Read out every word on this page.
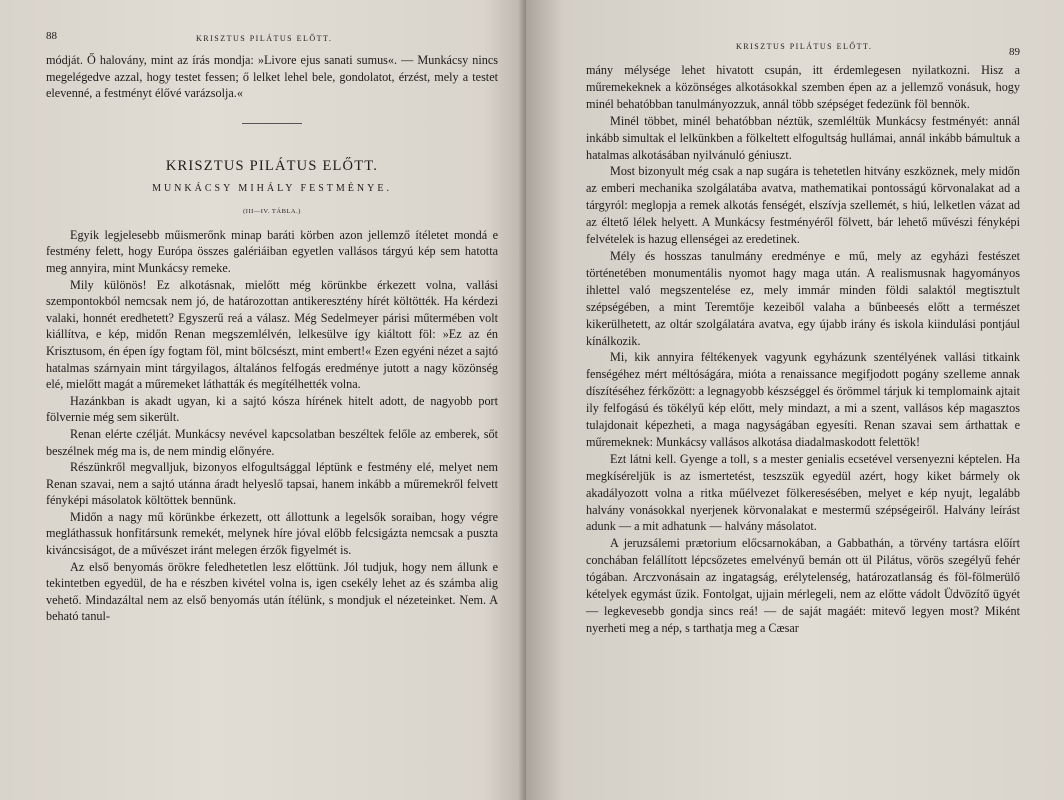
88	KRISZTUS PILÁTUS ELŐTT.

módját. Ő halovány, mint az írás mondja: »Livore ejus sanati sumus«. — Munkácsy nincs megelégedve azzal, hogy testet fessen; ő lelket lehel bele, gondolatot, érzést, mely a testet elevenné, a festményt élővé varázsolja.«

KRISZTUS PILÁTUS ELŐTT.
MUNKÁCSY MIHÁLY FESTMÉNYE.
(III—IV. TÁBLA.)

Egyik legjelesebb műismerőnk minap baráti körben azon jellemző ítéletet mondá e festmény felett, hogy Európa összes galériáiban egyetlen vallásos tárgyú kép sem hatotta meg annyira, mint Munkácsy remeke.

Mily különös! Ez alkotásnak, mielőtt még körünkbe érkezett volna, vallási szempontokból nemcsak nem jó, de határozottan antikeresztény hírét költötték. Ha kérdezi valaki, honnét eredhetett? Egyszerű reá a válasz. Még Sedelmeyer párisi műtermében volt kiállítva, e kép, midőn Renan megszemlélvén, lelkesülve így kiáltott föl: »Ez az én Krisztusom, én épen így fogtam föl, mint bölcsészt, mint embert!« Ezen egyéni nézet a sajtó hatalmas szárnyain mint tárgyilagos, általános felfogás eredménye jutott a nagy közönség elé, mielőtt magát a műremeket láthatták és megítélhették volna.

Hazánkban is akadt ugyan, ki a sajtó kósza hírének hitelt adott, de nagyobb port fölvernie még sem sikerült.

Renan elérte czélját. Munkácsy nevével kapcsolatban beszéltek felőle az emberek, sőt beszélnek még ma is, de nem mindig előnyére.

Részünkről megvalljuk, bizonyos elfogultsággal léptünk e festmény elé, melyet nem Renan szavai, nem a sajtó utánna áradt helyeslő tapsai, hanem inkább a műremekről felvett fényképi másolatok költöttek bennünk.

Midőn a nagy mű körünkbe érkezett, ott állottunk a legelsők soraiban, hogy végre megláthassuk honfitársunk remekét, melynek híre jóval előbb felcsigázta nemcsak a puszta kiváncsiságot, de a művészet iránt melegen érzők figyelmét is.

Az első benyomás örökre feledhetetlen lesz előttünk. Jól tudjuk, hogy nem állunk e tekintetben egyedül, de ha e részben kivétel volna is, igen csekély lehet az és számba alig vehető. Mindazáltal nem az első benyomás után ítélünk, s mondjuk el nézeteinket. Nem. A beható tanul-

KRISZTUS PILÁTUS ELŐTT.	89

mány mélysége lehet hivatott csupán, itt érdemlegesen nyilatkozni. Hisz a műremekeknek a közönséges alkotásokkal szemben épen az a jellemző vonásuk, hogy minél behatóbban tanulmányozzuk, annál több szépséget fedezünk föl bennök.

Minél többet, minél behatóbban néztük, szemléltük Munkácsy festményét: annál inkább simultak el lelkünkben a fölkeltett elfogultság hullámai, annál inkább bámultuk a hatalmas alkotásában nyilvánuló géniuszt.

Most bizonyult még csak a nap sugára is tehetetlen hitvány eszköznek, mely midőn az emberi mechanika szolgálatába avatva, mathematikai pontosságú körvonalakat ad a tárgyról: meglopja a remek alkotás fenségét, elszívja szellemét, s hiú, lelketlen vázat ad az éltető lélek helyett. A Munkácsy festményéről fölvett, bár lehető művészi fényképi felvételek is hazug ellenségei az eredetinek.

Mély és hosszas tanulmány eredménye e mű, mely az egyházi festészet történetében monumentális nyomot hagy maga után. A realismusnak hagyományos ihlettel való megszentelése ez, mely immár minden földi salaktól megtisztult szépségében, a mint Teremtője kezeiből valaha a bűnbeesés előtt a természet kikerülhetett, az oltár szolgálatára avatva, egy újabb irány és iskola kiindulási pontjául kínálkozik.

Mi, kik annyira féltékenyek vagyunk egyházunk szentélyének vallási titkaink fenségéhez mért méltóságára, mióta a renaissance megifjodott pogány szelleme annak díszítéséhez férkőzött: a legnagyobb készséggel és örömmel tárjuk ki templomaink ajtait ily felfogású és tökélyű kép előtt, mely mindazt, a mi a szent, vallásos kép magasztos tulajdonait képezheti, a maga nagyságában egyesíti. Renan szavai sem árthattak e műremeknek: Munkácsy vallásos alkotása diadalmaskodott felettök!

Ezt látni kell. Gyenge a toll, s a mester genialis ecsetével versenyezni képtelen. Ha megkíséreljük is az ismertetést, teszszük egyedül azért, hogy kiket bármely ok akadályozott volna a ritka műélvezet fölkeresésében, melyet e kép nyujt, legalább halvány vonásokkal nyerjenek körvonalakat e mestermű szépségeiről. Halvány leírást adunk — a mit adhatunk — halvány másolatot.

A jeruzsálemi prætorium előcsarnokában, a Gabbathán, a törvény tartásra előírt conchában felállított lépcsőzetes emelvényű bemán ott ül Pilátus, vörös szegélyű fehér tógában. Arczvonásain az ingatagság, erélytelenség, határozatlanság és föl-fölmerülő kételyek egymást űzik. Fontolgat, ujjain mérlegeli, nem az előtte vádolt Üdvözítő ügyét — legkevesebb gondja sincs reá! — de saját magáét: mitevő legyen most? Miként nyerheti meg a nép, s tarthatja meg a Cæsar
